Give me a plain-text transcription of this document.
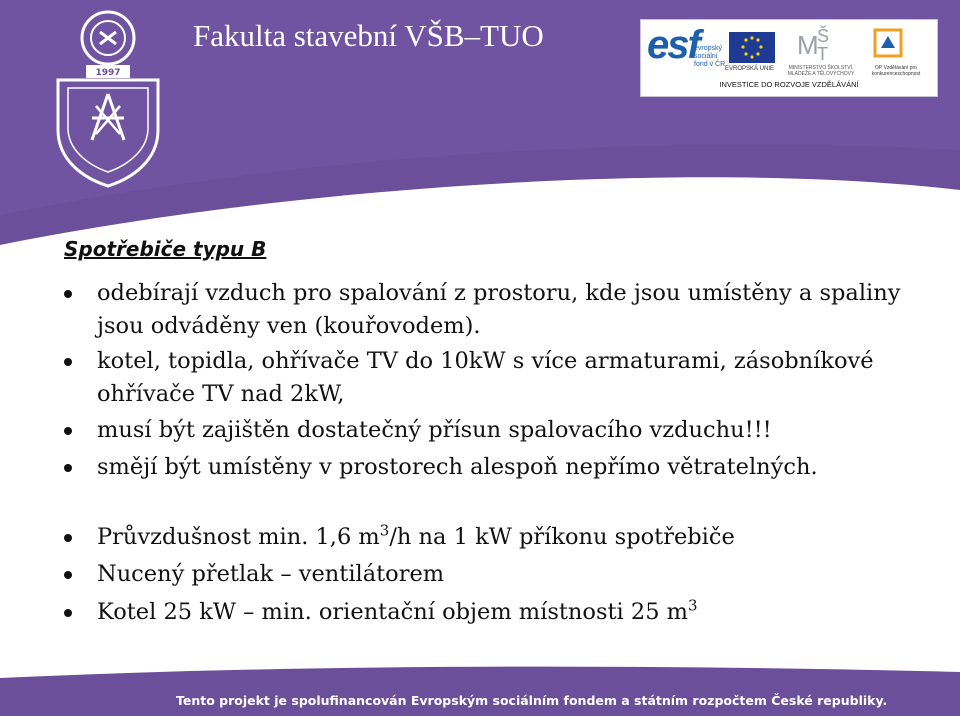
1997
Fakulta stavební VŠB–TUO	esf
evropský sociální fond v ČR
EVROPSKÁ UNIE
M
Š
T
MINISTERSTVO ŠKOLSTVÍ, MLÁDEŽE A TĚLOVÝCHOVY
OP Vzdělávání pro konkurenceschopnost
INVESTICE DO ROZVOJE VZDĚLÁVÁNÍ
Spotřebiče typu B
odebírají vzduch pro spalování z prostoru, kde jsou umístěny a spaliny jsou odváděny ven (kouřovodem).
kotel, topidla, ohřívače TV do 10kW s více armaturami, zásobníkové ohřívače TV nad 2kW,
musí být zajištěn dostatečný přísun spalovacího vzduchu!!!
smějí být umístěny v prostorech alespoň nepřímo větratelných.
Průvzdušnost min. 1,6 $m^3/h$ na 1 kW příkonu spotřebiče
Nucený přetlak – ventilátorem
Kotel 25 kW – min. orientační objem místnosti 25 $m^3$
Tento projekt je spolufinancován Evropským sociálním fondem a státním rozpočtem České republiky.
